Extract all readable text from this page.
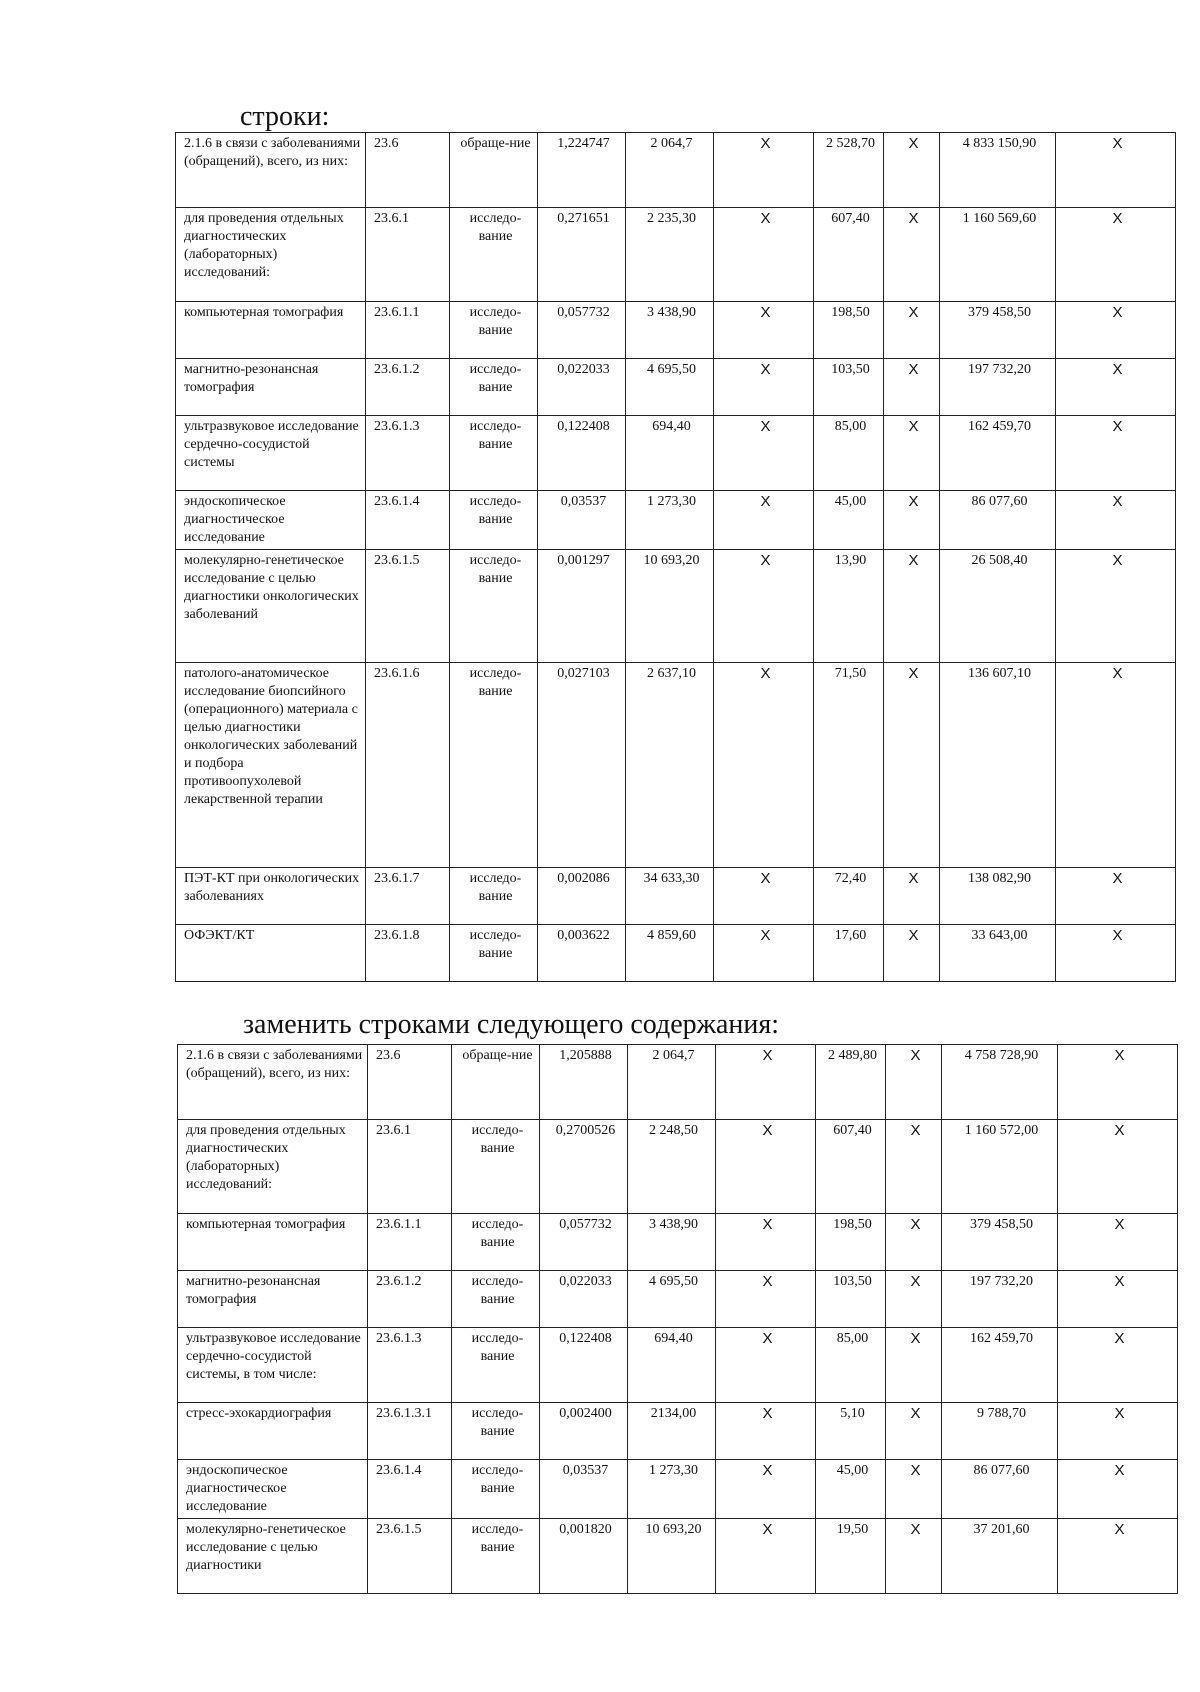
строки:
2.1.6 в связи с заболеваниями (обращений), всего, из них:	23.6	обраще-ние	1,224747	2 064,7	Х	2 528,70	Х	4 833 150,90	Х
для проведения отдельных диагностических (лабораторных) исследований:	23.6.1	исследо-вание	0,271651	2 235,30	Х	607,40	Х	1 160 569,60	Х
компьютерная томография	23.6.1.1	исследо-вание	0,057732	3 438,90	Х	198,50	Х	379 458,50	Х
магнитно-резонансная томография	23.6.1.2	исследо-вание	0,022033	4 695,50	Х	103,50	Х	197 732,20	Х
ультразвуковое исследование сердечно-сосудистой системы	23.6.1.3	исследо-вание	0,122408	694,40	Х	85,00	Х	162 459,70	Х
эндоскопическое диагностическое исследование	23.6.1.4	исследо-вание	0,03537	1 273,30	Х	45,00	Х	86 077,60	Х
молекулярно-генетическое исследование с целью диагностики онкологических заболеваний	23.6.1.5	исследо-вание	0,001297	10 693,20	Х	13,90	Х	26 508,40	Х
патолого-анатомическое исследование биопсийного (операционного) материала с целью диагностики онкологических заболеваний и подбора противоопухолевой лекарственной терапии	23.6.1.6	исследо-вание	0,027103	2 637,10	Х	71,50	Х	136 607,10	Х
ПЭТ-КТ при онкологических заболеваниях	23.6.1.7	исследо-вание	0,002086	34 633,30	Х	72,40	Х	138 082,90	Х
ОФЭКТ/КТ	23.6.1.8	исследо-вание	0,003622	4 859,60	Х	17,60	Х	33 643,00	Х
заменить строками следующего содержания:
2.1.6 в связи с заболеваниями (обращений), всего, из них:	23.6	обраще-ние	1,205888	2 064,7	Х	2 489,80	Х	4 758 728,90	Х
для проведения отдельных диагностических (лабораторных) исследований:	23.6.1	исследо-вание	0,2700526	2 248,50	Х	607,40	Х	1 160 572,00	Х
компьютерная томография	23.6.1.1	исследо-вание	0,057732	3 438,90	Х	198,50	Х	379 458,50	Х
магнитно-резонансная томография	23.6.1.2	исследо-вание	0,022033	4 695,50	Х	103,50	Х	197 732,20	Х
ультразвуковое исследование сердечно-сосудистой системы, в том числе:	23.6.1.3	исследо-вание	0,122408	694,40	Х	85,00	Х	162 459,70	Х
стресс-эхокардиография	23.6.1.3.1	исследо-вание	0,002400	2134,00	Х	5,10	Х	9 788,70	Х
эндоскопическое диагностическое исследование	23.6.1.4	исследо-вание	0,03537	1 273,30	Х	45,00	Х	86 077,60	Х
молекулярно-генетическое исследование с целью диагностики	23.6.1.5	исследо-вание	0,001820	10 693,20	Х	19,50	Х	37 201,60	Х
